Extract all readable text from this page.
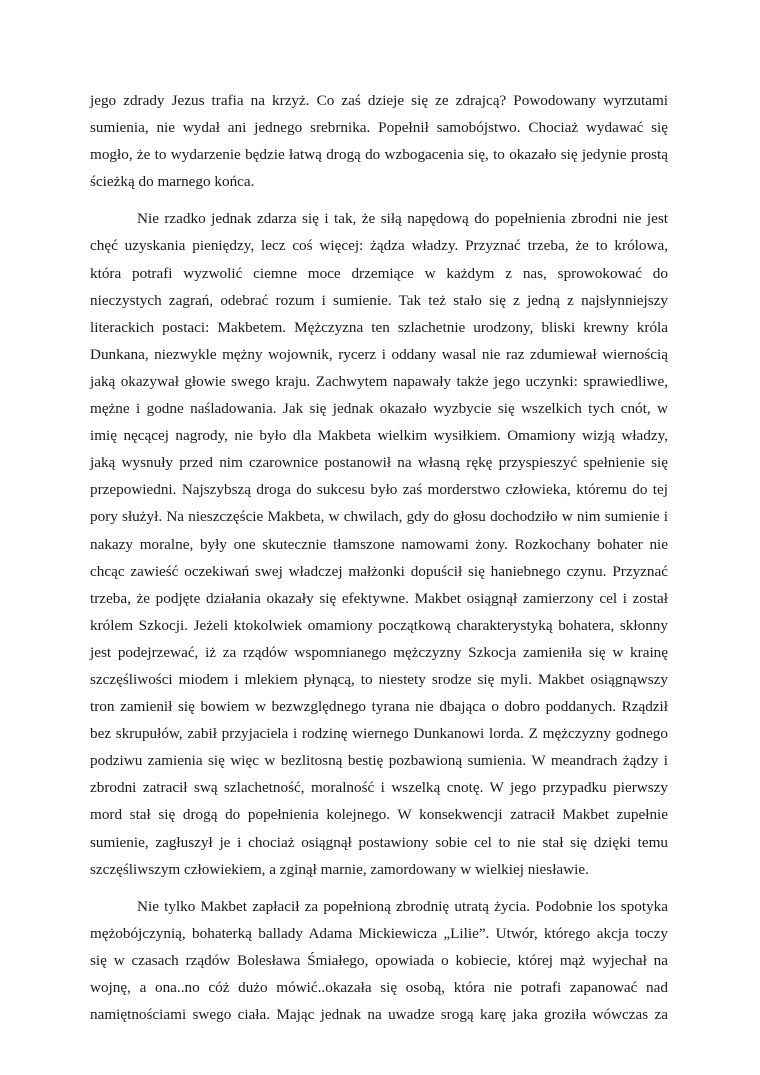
jego zdrady Jezus trafia na krzyż. Co zaś dzieje się ze zdrajcą? Powodowany wyrzutami
sumienia, nie wydał ani jednego srebrnika. Popełnił samobójstwo. Chociaż wydawać się
mogło, że to wydarzenie będzie łatwą drogą do wzbogacenia się, to okazało się jedynie prostą
ścieżką do marnego końca.
Nie rzadko jednak zdarza się i tak, że siłą napędową do popełnienia zbrodni nie jest
chęć uzyskania pieniędzy, lecz coś więcej: żądza władzy. Przyznać trzeba, że to królowa,
która potrafi wyzwolić ciemne moce drzemiące w każdym z nas, sprowokować do
nieczystych zagrań, odebrać rozum i sumienie. Tak też stało się z jedną z najsłynniejszy
literackich postaci: Makbetem. Mężczyzna ten szlachetnie urodzony, bliski krewny króla
Dunkana, niezwykle mężny wojownik, rycerz i oddany wasal nie raz zdumiewał wiernością
jaką okazywał głowie swego kraju. Zachwytem napawały także jego uczynki: sprawiedliwe,
mężne i godne naśladowania. Jak się jednak okazało wyzbycie się wszelkich tych cnót, w
imię nęcącej nagrody, nie było dla Makbeta wielkim wysiłkiem. Omamiony wizją władzy,
jaką wysnuły przed nim czarownice postanowił na własną rękę przyspieszyć spełnienie się
przepowiedni. Najszybszą droga do sukcesu było zaś morderstwo człowieka, któremu do tej
pory służył. Na nieszczęście Makbeta, w chwilach, gdy do głosu dochodziło w nim sumienie i
nakazy moralne, były one skutecznie tłamszone namowami żony. Rozkochany bohater nie
chcąc zawieść oczekiwań swej władczej małżonki dopuścił się haniebnego czynu. Przyznać
trzeba, że podjęte działania okazały się efektywne. Makbet osiągnął zamierzony cel i został
królem Szkocji. Jeżeli ktokolwiek omamiony początkową charakterystyką bohatera, skłonny
jest podejrzewać, iż za rządów wspomnianego mężczyzny Szkocja zamieniła się w krainę
szczęśliwości miodem i mlekiem płynącą, to niestety srodze się myli. Makbet osiągnąwszy
tron zamienił się bowiem w bezwzględnego tyrana nie dbająca o dobro poddanych. Rządził
bez skrupułów, zabił przyjaciela i rodzinę wiernego Dunkanowi lorda. Z mężczyzny godnego
podziwu zamienia się więc w bezlitosną bestię pozbawioną sumienia. W meandrach żądzy i
zbrodni zatracił swą szlachetność, moralność i wszelką cnotę. W jego przypadku pierwszy
mord stał się drogą do popełnienia kolejnego. W konsekwencji zatracił Makbet zupełnie
sumienie, zagłuszył je i chociaż osiągnął postawiony sobie cel to nie stał się dzięki temu
szczęśliwszym człowiekiem, a zginął marnie, zamordowany w wielkiej niesławie.
Nie tylko Makbet zapłacił za popełnioną zbrodnię utratą życia. Podobnie los spotyka
mężobójczynią, bohaterką ballady Adama Mickiewicza „Lilie”. Utwór, którego akcja toczy
się w czasach rządów Bolesława Śmiałego, opowiada o kobiecie, której mąż wyjechał na
wojnę, a ona..no cóż dużo mówić..okazała się osobą, która nie potrafi zapanować nad
namiętnościami swego ciała. Mając jednak na uwadze srogą karę jaka groziła wówczas za
